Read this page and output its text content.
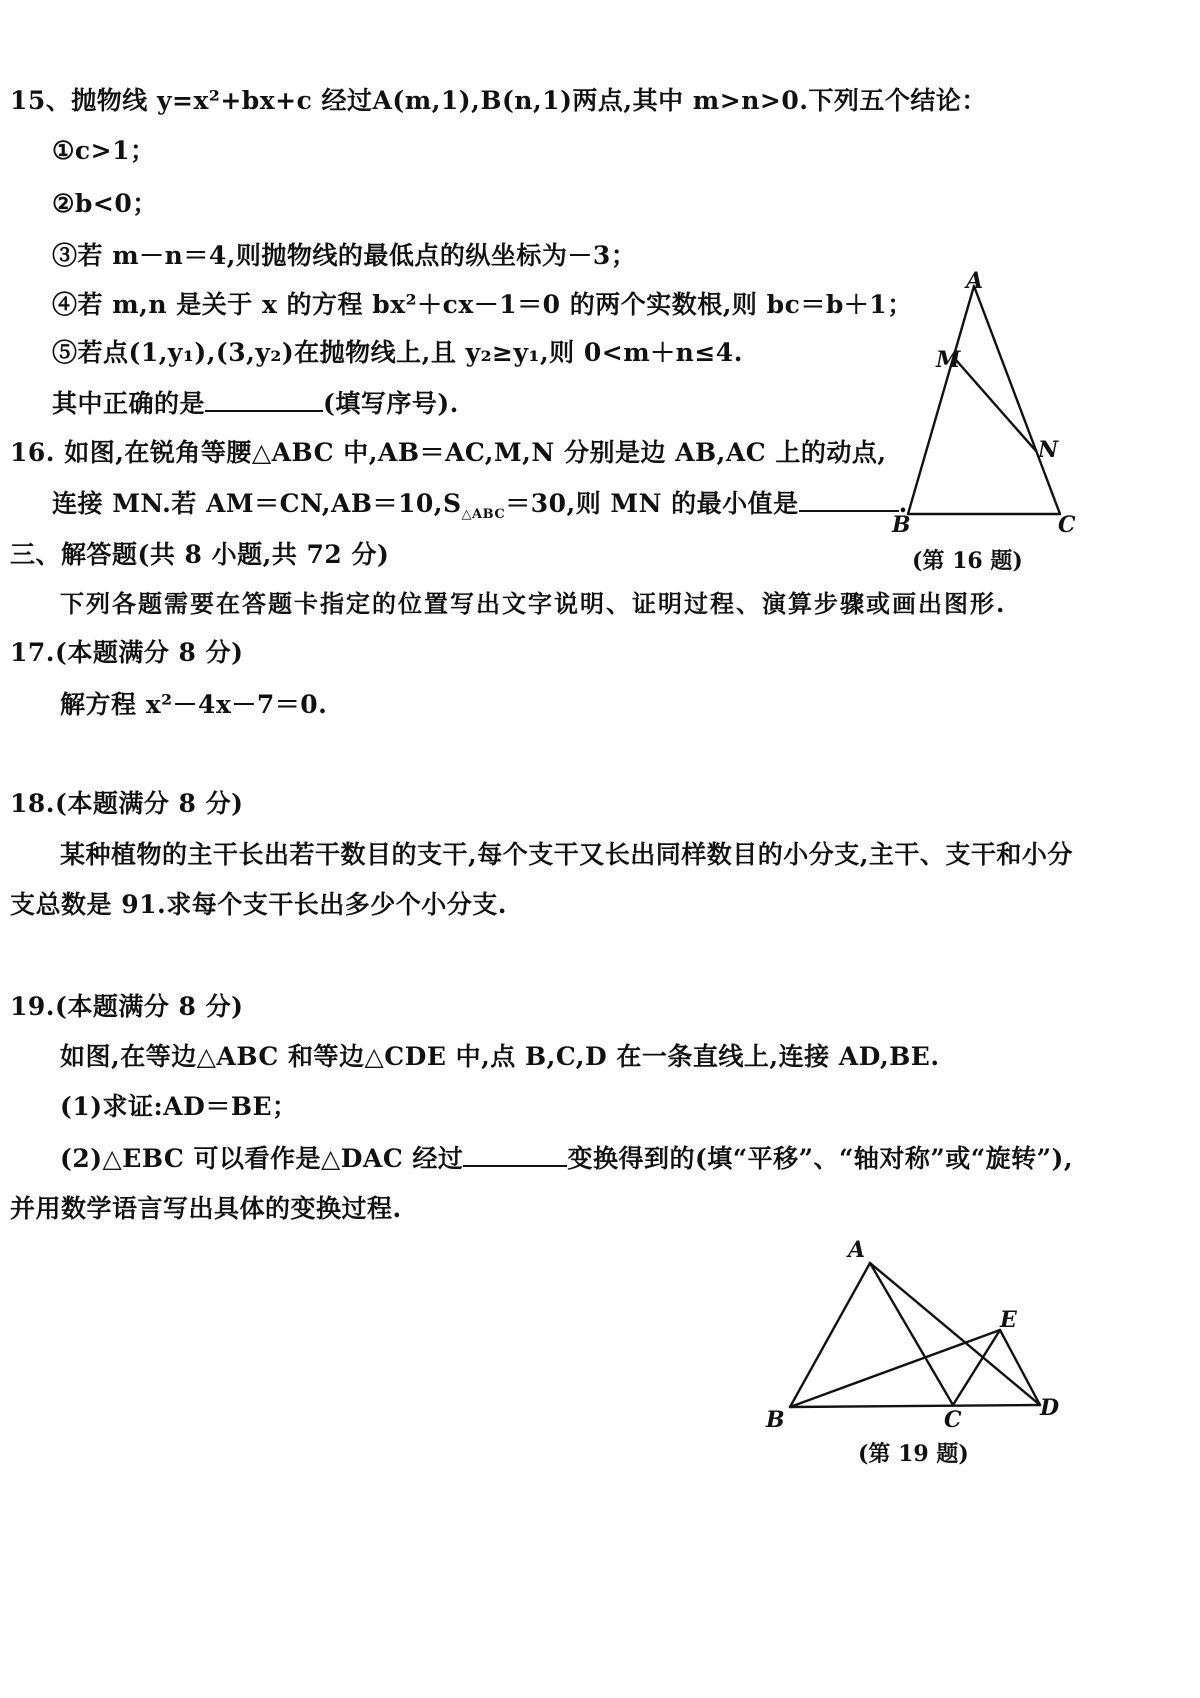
15、抛物线 y=x²+bx+c 经过A(m,1),B(n,1)两点,其中 m>n>0.下列五个结论：
①c>1；
②b<0；
③若 m－n＝4,则抛物线的最低点的纵坐标为－3；
④若 m,n 是关于 x 的方程 bx²＋cx－1＝0 的两个实数根,则 bc＝b＋1；
⑤若点(1,y₁),(3,y₂)在抛物线上,且 y₂≥y₁,则 0<m＋n≤4.
其中正确的是	(填写序号).
16. 如图,在锐角等腰△ABC 中,AB＝AC,M,N 分别是边 AB,AC 上的动点,
连接 MN.若 $AM=CN,AB=10,S_{\triangle ABC}=30$,则 MN 的最小值是	.
A
M
N
B	C
(第 16 题)
三、解答题(共 8 小题,共 72 分)
下列各题需要在答题卡指定的位置写出文字说明、证明过程、演算步骤或画出图形.
17.(本题满分 8 分)
解方程 x²－4x－7＝0.
18.(本题满分 8 分)
某种植物的主干长出若干数目的支干,每个支干又长出同样数目的小分支,主干、支干和小分
支总数是 91.求每个支干长出多少个小分支.
19.(本题满分 8 分)
如图,在等边△ABC 和等边△CDE 中,点 B,C,D 在一条直线上,连接 AD,BE.
(1)求证:AD＝BE；
(2)△EBC 可以看作是△DAC 经过	变换得到的(填“平移”、“轴对称”或“旋转”),
并用数学语言写出具体的变换过程.
A
B	C	D
E
(第 19 题)
